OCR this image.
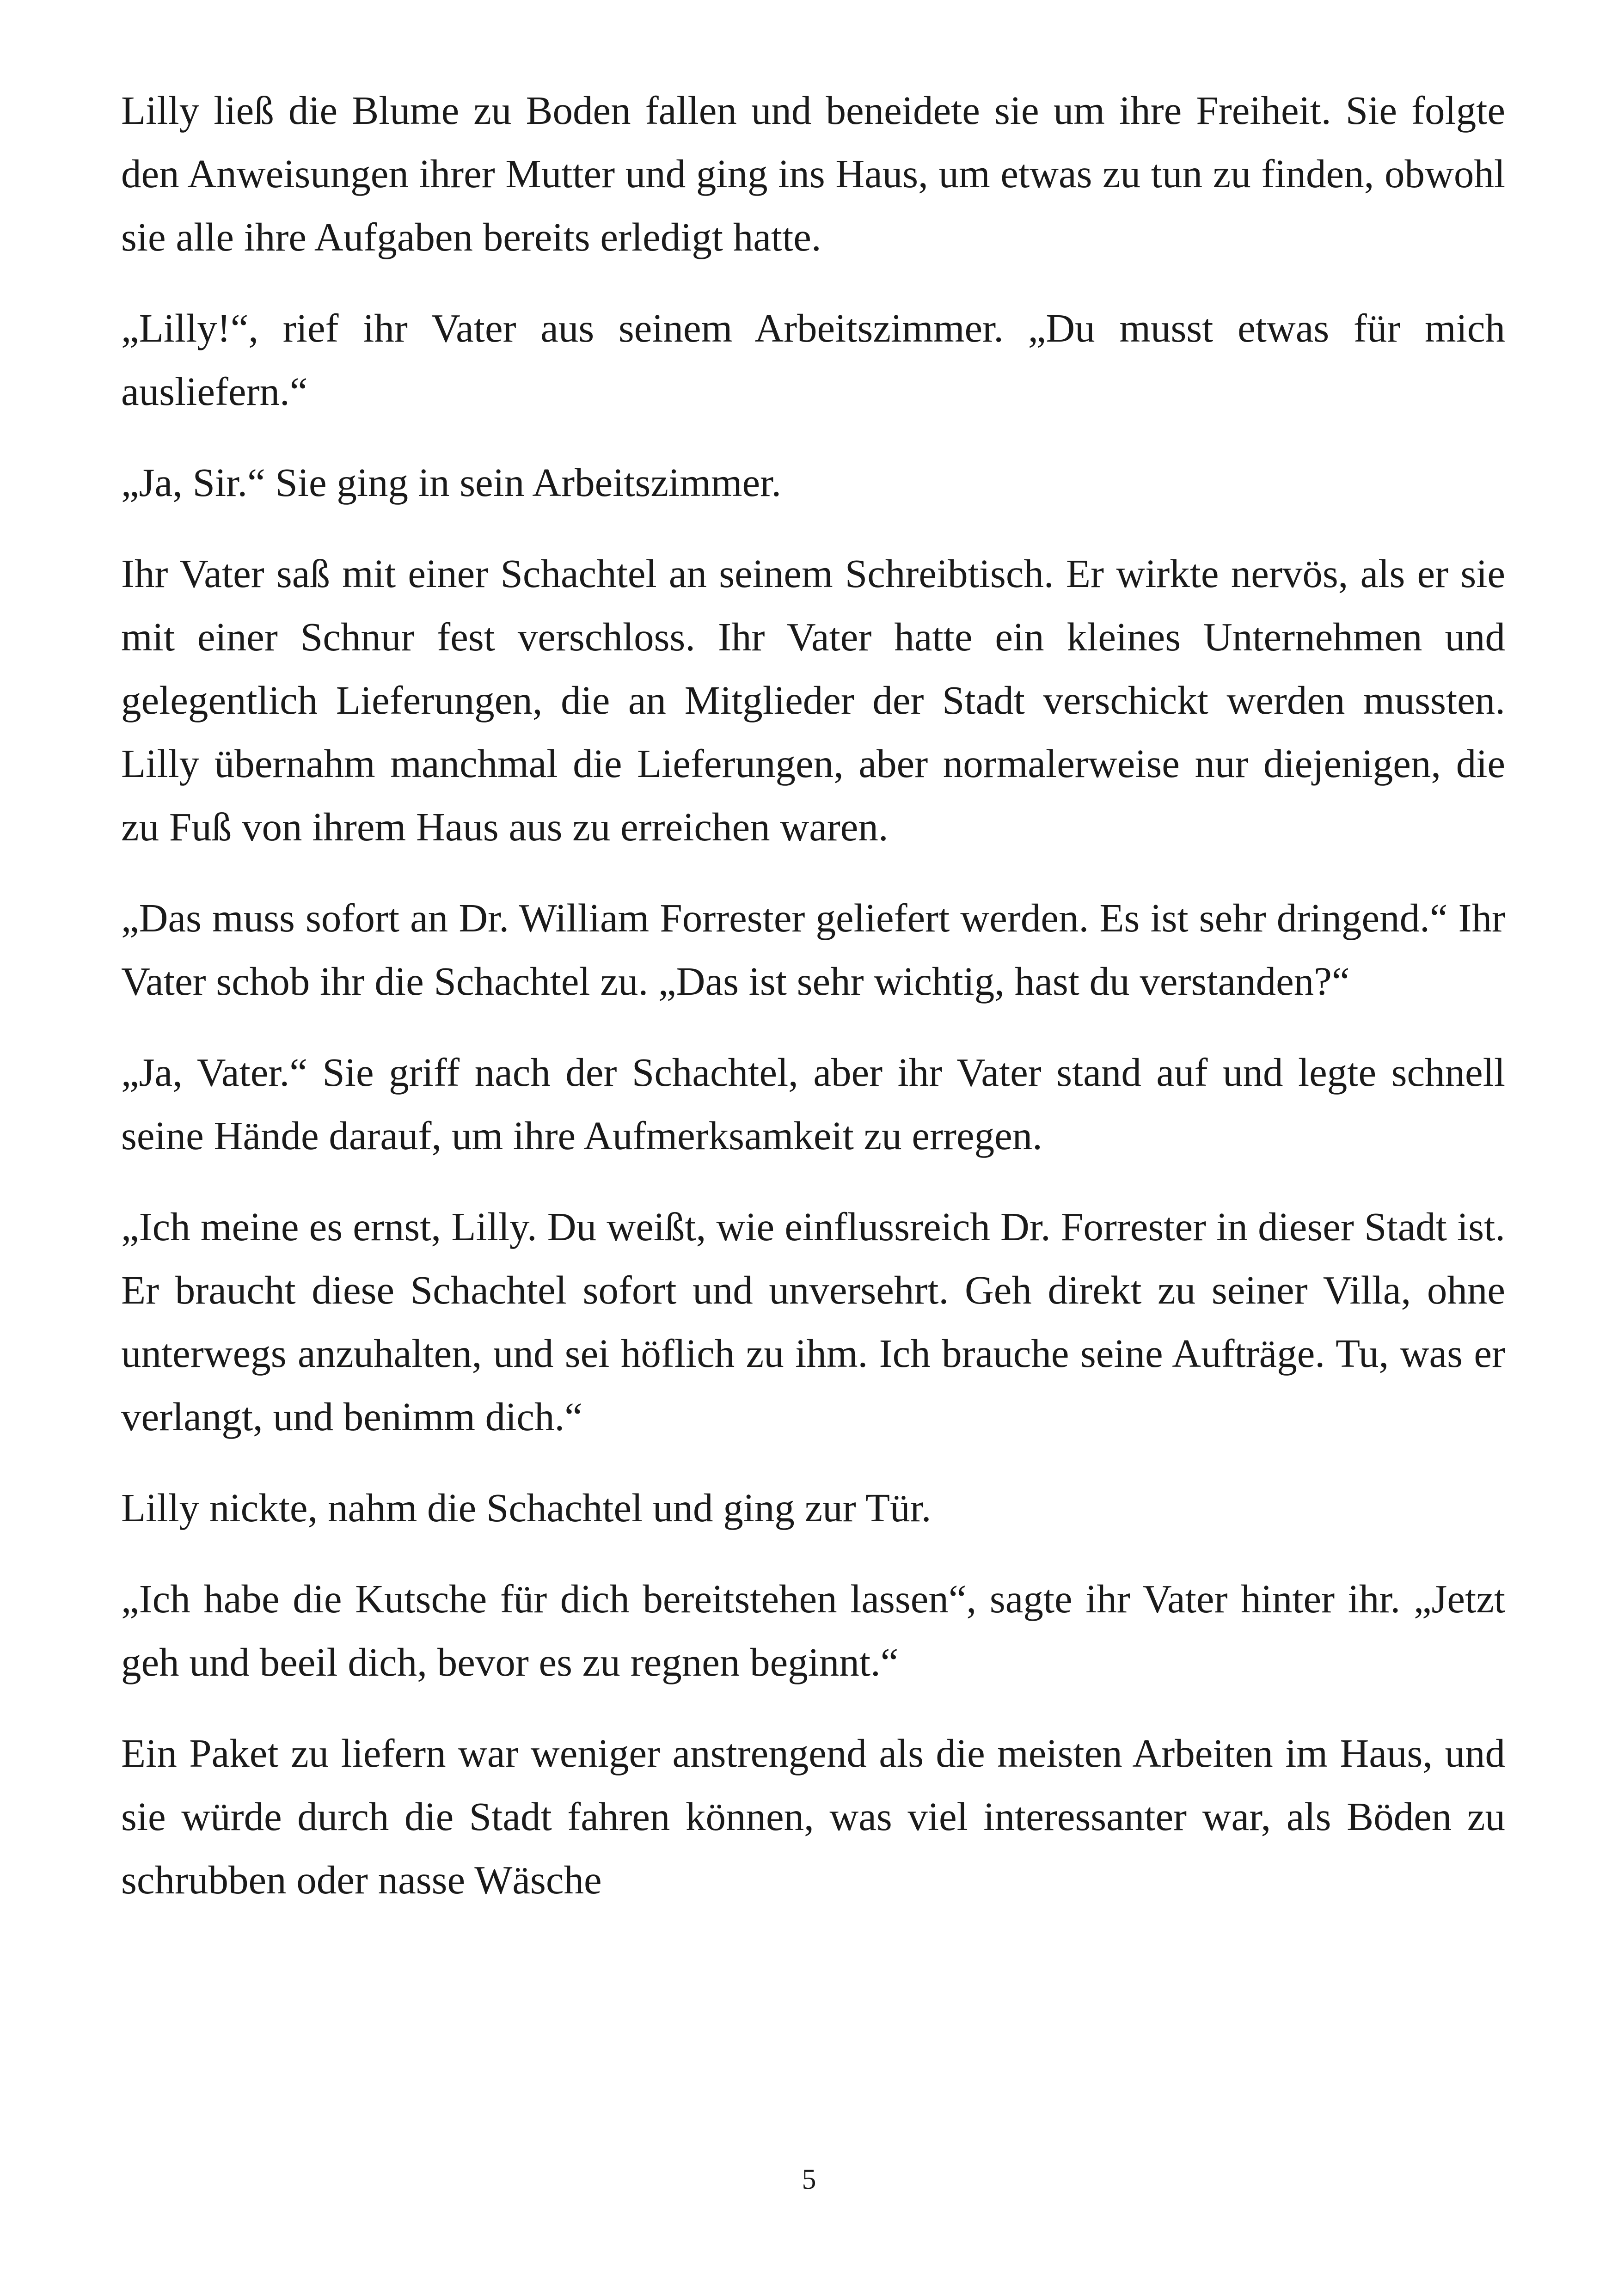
Lilly ließ die Blume zu Boden fallen und beneidete sie um ihre Freiheit. Sie folgte den Anweisungen ihrer Mutter und ging ins Haus, um etwas zu tun zu finden, obwohl sie alle ihre Aufgaben bereits erledigt hatte.

„Lilly!“, rief ihr Vater aus seinem Arbeitszimmer. „Du musst etwas für mich ausliefern.“

„Ja, Sir.“ Sie ging in sein Arbeitszimmer.

Ihr Vater saß mit einer Schachtel an seinem Schreibtisch. Er wirkte nervös, als er sie mit einer Schnur fest verschloss. Ihr Vater hatte ein kleines Unternehmen und gelegentlich Lieferungen, die an Mitglieder der Stadt verschickt werden mussten. Lilly übernahm manchmal die Lieferungen, aber normalerweise nur diejenigen, die zu Fuß von ihrem Haus aus zu erreichen waren.

„Das muss sofort an Dr. William Forrester geliefert werden. Es ist sehr dringend.“ Ihr Vater schob ihr die Schachtel zu. „Das ist sehr wichtig, hast du verstanden?“

„Ja, Vater.“ Sie griff nach der Schachtel, aber ihr Vater stand auf und legte schnell seine Hände darauf, um ihre Aufmerksamkeit zu erregen.

„Ich meine es ernst, Lilly. Du weißt, wie einflussreich Dr. Forrester in dieser Stadt ist. Er braucht diese Schachtel sofort und unversehrt. Geh direkt zu seiner Villa, ohne unterwegs anzuhalten, und sei höflich zu ihm. Ich brauche seine Aufträge. Tu, was er verlangt, und benimm dich.“

Lilly nickte, nahm die Schachtel und ging zur Tür.

„Ich habe die Kutsche für dich bereitstehen lassen“, sagte ihr Vater hinter ihr. „Jetzt geh und beeil dich, bevor es zu regnen beginnt.“

Ein Paket zu liefern war weniger anstrengend als die meisten Arbeiten im Haus, und sie würde durch die Stadt fahren können, was viel interessanter war, als Böden zu schrubben oder nasse Wäsche

5
